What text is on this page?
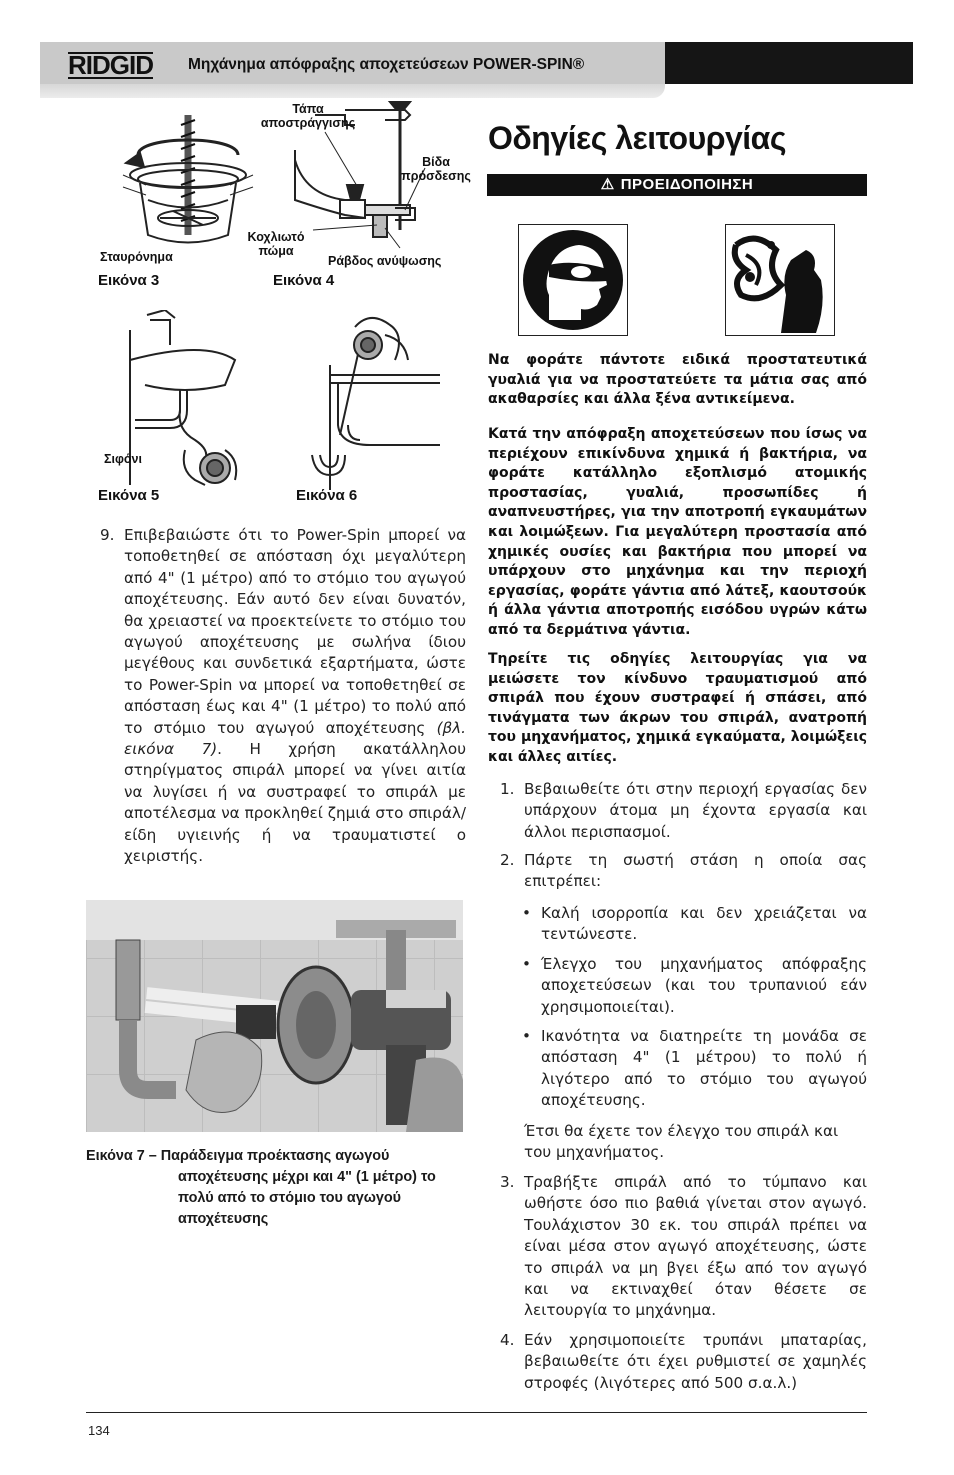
RIDGID Μηχάνημα απόφραξης αποχετεύσεων POWER-SPIN®
Σταυρόνημα
Εικόνα 3
Τάπα αποστράγγισης
Βίδα πρόσδεσης
Κοχλιωτό πώμα
Ράβδος ανύψωσης
Εικόνα 4
Σιφόνι
Εικόνα 5	Εικόνα 6
9. Επιβεβαιώστε ότι το Power-Spin μπορεί να τοποθετηθεί σε απόσταση όχι μεγαλύτερη από 4" (1 μέτρο) από το στόμιο του αγωγού αποχέτευσης. Εάν αυτό δεν είναι δυνατόν, θα χρειαστεί να προεκτείνετε το στόμιο του αγωγού αποχέτευσης με σωλήνα ίδιου μεγέθους και συνδετικά εξαρτήματα, ώστε το Power-Spin να μπορεί να τοποθετηθεί σε απόσταση έως και 4" (1 μέτρο) το πολύ από το στόμιο του αγωγού αποχέτευσης (βλ. εικόνα 7). Η χρήση ακατάλληλου στηρίγματος σπιράλ μπορεί να γίνει αιτία να λυγίσει ή να συστραφεί το σπιράλ με αποτέλεσμα να προκληθεί ζημιά στο σπιράλ/είδη υγιεινής ή να τραυματιστεί ο χειριστής.
Εικόνα 7 – Παράδειγμα προέκτασης αγωγού
αποχέτευσης μέχρι και 4" (1 μέτρο) το πολύ από το στόμιο του αγωγού αποχέτευσης
Οδηγίες λειτουργίας
⚠ ΠΡΟΕΙΔΟΠΟΙΗΣΗ
Να φοράτε πάντοτε ειδικά προστατευτικά γυαλιά για να προστατεύετε τα μάτια σας από ακαθαρσίες και άλλα ξένα αντικείμενα.
Κατά την απόφραξη αποχετεύσεων που ίσως να περιέχουν επικίνδυνα χημικά ή βακτήρια, να φοράτε κατάλληλο εξοπλισμό ατομικής προστασίας, γυαλιά, προσωπίδες ή αναπνευστήρες, για την αποτροπή εγκαυμάτων και λοιμώξεων. Για μεγαλύτερη προστασία από χημικές ουσίες και βακτήρια που μπορεί να υπάρχουν στο μηχάνημα και την περιοχή εργασίας, φοράτε γάντια από λάτεξ, καουτσούκ ή άλλα γάντια αποτροπής εισόδου υγρών κάτω από τα δερμάτινα γάντια.
Τηρείτε τις οδηγίες λειτουργίας για να μειώσετε τον κίνδυνο τραυματισμού από σπιράλ που έχουν συστραφεί ή σπάσει, από τινάγματα των άκρων του σπιράλ, ανατροπή του μηχανήματος, χημικά εγκαύματα, λοιμώξεις και άλλες αιτίες.
1. Βεβαιωθείτε ότι στην περιοχή εργασίας δεν υπάρχουν άτομα μη έχοντα εργασία και άλλοι περισπασμοί.
2. Πάρτε τη σωστή στάση η οποία σας επιτρέπει:
• Καλή ισορροπία και δεν χρειάζεται να τεντώνεστε.
• Έλεγχο του μηχανήματος απόφραξης αποχετεύσεων (και του τρυπανιού εάν χρησιμοποιείται).
• Ικανότητα να διατηρείτε τη μονάδα σε απόσταση 4" (1 μέτρου) το πολύ ή λιγότερο από το στόμιο του αγωγού αποχέτευσης.
Έτσι θα έχετε τον έλεγχο του σπιράλ και του μηχανήματος.
3. Τραβήξτε σπιράλ από το τύμπανο και ωθήστε όσο πιο βαθιά γίνεται στον αγωγό. Τουλάχιστον 30 εκ. του σπιράλ πρέπει να είναι μέσα στον αγωγό αποχέτευσης, ώστε το σπιράλ να μη βγει έξω από τον αγωγό και να εκτιναχθεί όταν θέσετε σε λειτουργία το μηχάνημα.
4. Εάν χρησιμοποιείτε τρυπάνι μπαταρίας, βεβαιωθείτε ότι έχει ρυθμιστεί σε χαμηλές στροφές (λιγότερες από 500 σ.α.λ.)
134
